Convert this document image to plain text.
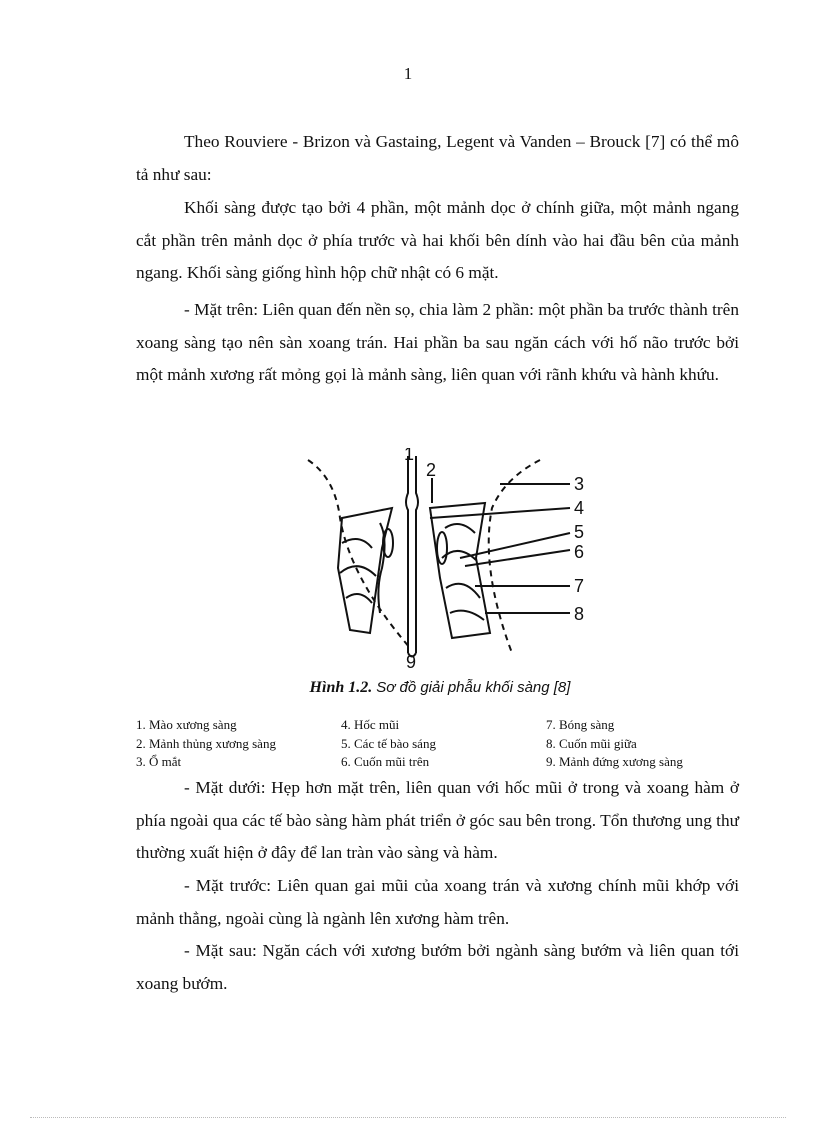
1

Theo Rouviere - Brizon và Gastaing, Legent và Vanden – Brouck [7] có thể mô tả như sau:

Khối sàng được tạo bởi 4 phần, một mảnh dọc ở chính giữa, một mảnh ngang cắt phần trên mảnh dọc ở phía trước và hai khối bên dính vào hai đầu bên của mảnh ngang. Khối sàng giống hình hộp chữ nhật có 6 mặt.

- Mặt trên: Liên quan đến nền sọ, chia làm 2 phần: một phần ba trước thành trên xoang sàng tạo nên sàn xoang trán. Hai phần ba sau ngăn cách với hố não trước bởi một mảnh xương rất mỏng gọi là mảnh sàng, liên quan với rãnh khứu và hành khứu.

1
2
3
4
5
6
7
8
9
Hình 1.2. Sơ đồ giải phẫu khối sàng [8]
1. Mào xương sàng
2. Mảnh thủng xương sàng
3. Ổ mắt
4. Hốc mũi
5. Các tế bào sáng
6. Cuốn mũi trên
7. Bóng sàng
8. Cuốn mũi giữa
9. Mảnh đứng xương sàng

- Mặt dưới: Hẹp hơn mặt trên, liên quan với hốc mũi ở trong và xoang hàm ở phía ngoài qua các tế bào sàng hàm phát triển ở góc sau bên trong. Tổn thương ung thư thường xuất hiện ở đây để lan tràn vào sàng và hàm.

- Mặt trước: Liên quan gai mũi của xoang trán và xương chính mũi khớp với mảnh thẳng, ngoài cùng là ngành lên xương hàm trên.

- Mặt sau: Ngăn cách với xương bướm bởi ngành sàng bướm và liên quan tới xoang bướm.
